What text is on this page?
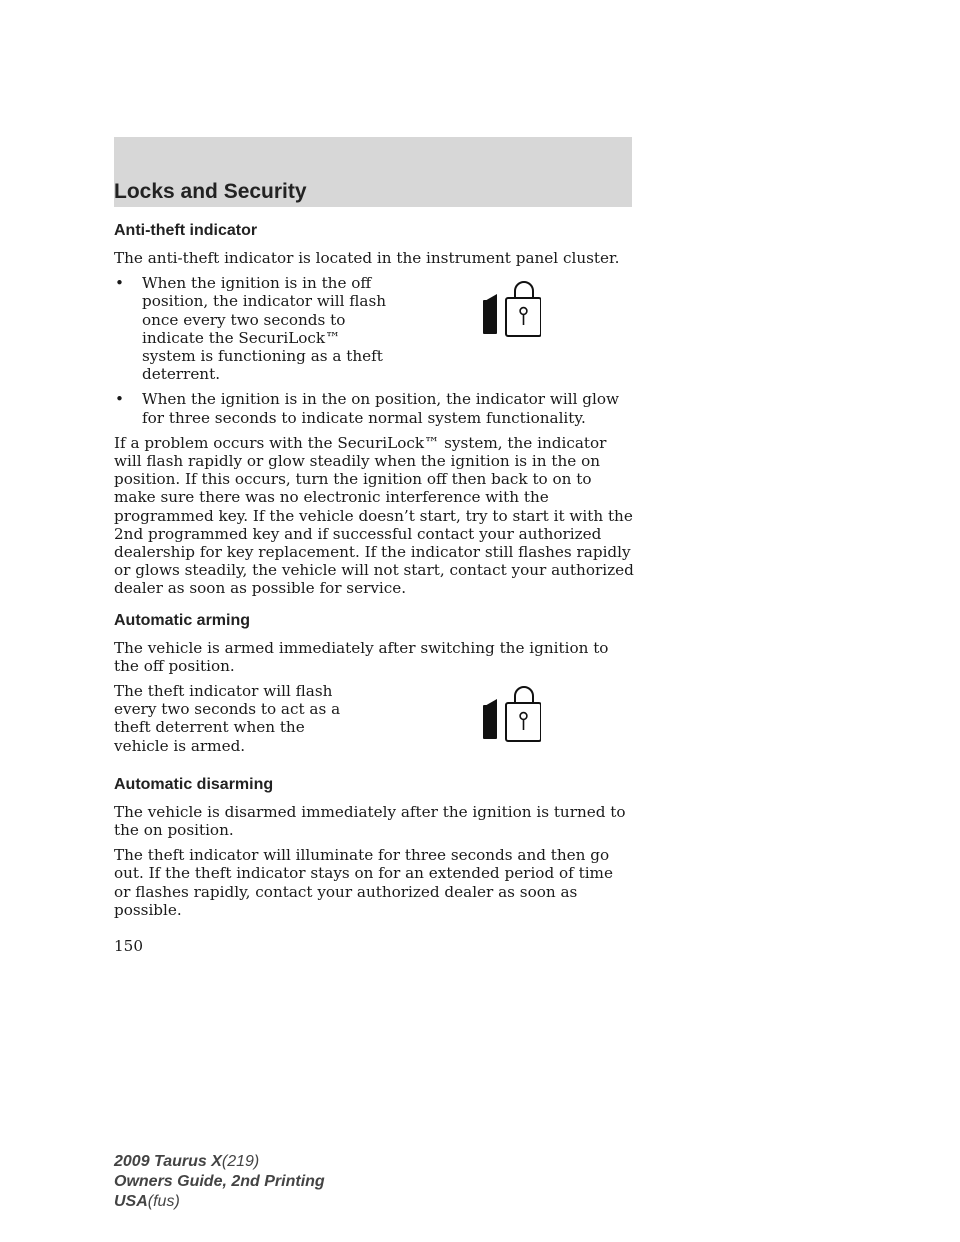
Locks and Security
Anti-theft indicator

The anti-theft indicator is located in the instrument panel cluster.

• When the ignition is in the off position, the indicator will flash once every two seconds to indicate the SecuriLock™ system is functioning as a theft deterrent.
• When the ignition is in the on position, the indicator will glow for three seconds to indicate normal system functionality.

If a problem occurs with the SecuriLock™ system, the indicator will flash rapidly or glow steadily when the ignition is in the on position. If this occurs, turn the ignition off then back to on to make sure there was no electronic interference with the programmed key. If the vehicle doesn’t start, try to start it with the 2nd programmed key and if successful contact your authorized dealership for key replacement. If the indicator still flashes rapidly or glows steadily, the vehicle will not start, contact your authorized dealer as soon as possible for service.

Automatic arming

The vehicle is armed immediately after switching the ignition to the off position.

The theft indicator will flash every two seconds to act as a theft deterrent when the vehicle is armed.

Automatic disarming

The vehicle is disarmed immediately after the ignition is turned to the on position.

The theft indicator will illuminate for three seconds and then go out. If the theft indicator stays on for an extended period of time or flashes rapidly, contact your authorized dealer as soon as possible.

150
2009 Taurus X(219)
Owners Guide, 2nd Printing
USA(fus)
